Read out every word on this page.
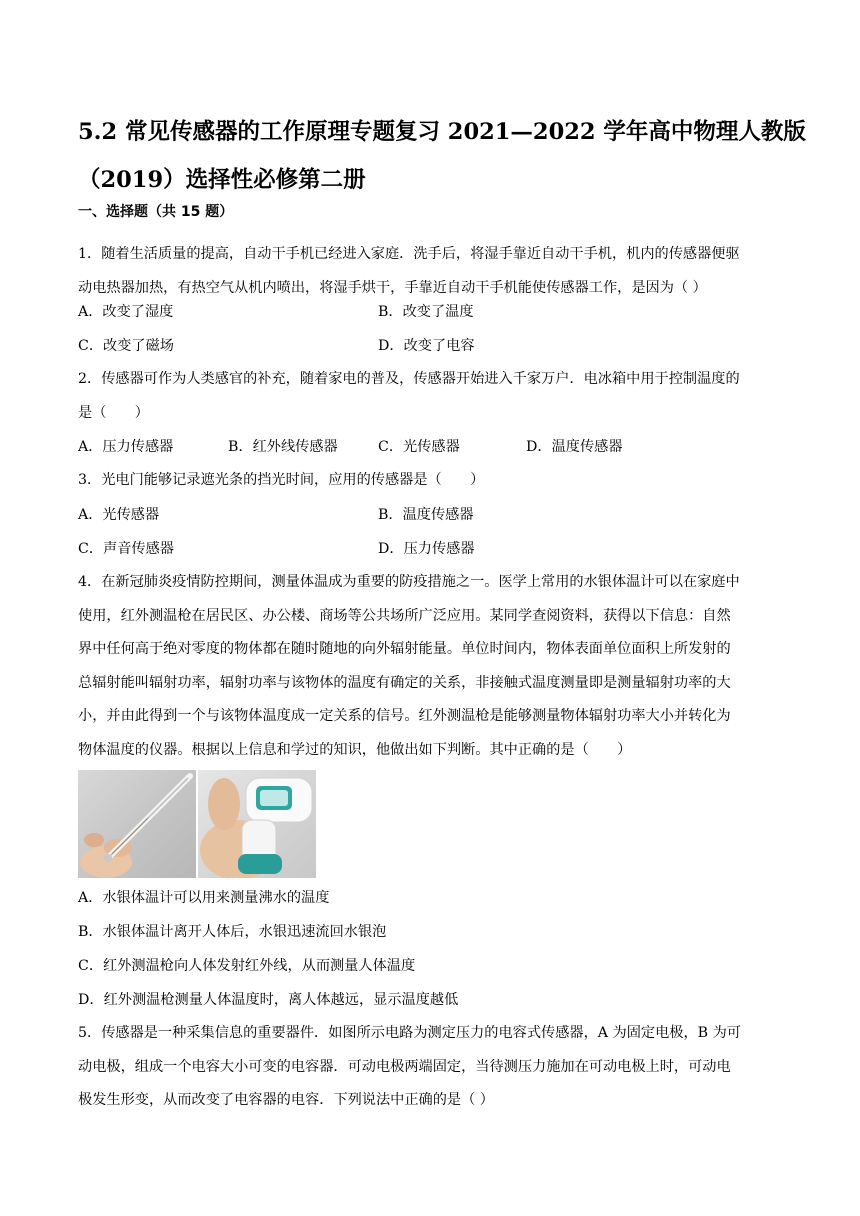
5.2 常见传感器的工作原理专题复习 2021—2022 学年高中物理人教版
（2019）选择性必修第二册
一、选择题（共 15 题）
1．随着生活质量的提高，自动干手机已经进入家庭．洗手后，将湿手靠近自动干手机，机内的传感器便驱
动电热器加热，有热空气从机内喷出，将湿手烘干，手靠近自动干手机能使传感器工作，是因为（ ）
A．改变了湿度	B．改变了温度
C．改变了磁场	D．改变了电容
2．传感器可作为人类感官的补充，随着家电的普及，传感器开始进入千家万户．电冰箱中用于控制温度的
是（　　）
A．压力传感器	B．红外线传感器	C．光传感器	D．温度传感器
3．光电门能够记录遮光条的挡光时间，应用的传感器是（　　）
A．光传感器	B．温度传感器
C．声音传感器	D．压力传感器
4．在新冠肺炎疫情防控期间，测量体温成为重要的防疫措施之一。医学上常用的水银体温计可以在家庭中
使用，红外测温枪在居民区、办公楼、商场等公共场所广泛应用。某同学查阅资料，获得以下信息：自然
界中任何高于绝对零度的物体都在随时随地的向外辐射能量。单位时间内，物体表面单位面积上所发射的
总辐射能叫辐射功率，辐射功率与该物体的温度有确定的关系，非接触式温度测量即是测量辐射功率的大
小，并由此得到一个与该物体温度成一定关系的信号。红外测温枪是能够测量物体辐射功率大小并转化为
物体温度的仪器。根据以上信息和学过的知识，他做出如下判断。其中正确的是（　　）
A．水银体温计可以用来测量沸水的温度
B．水银体温计离开人体后，水银迅速流回水银泡
C．红外测温枪向人体发射红外线，从而测量人体温度
D．红外测温枪测量人体温度时，离人体越远，显示温度越低
5．传感器是一种采集信息的重要器件．如图所示电路为测定压力的电容式传感器，A 为固定电极，B 为可
动电极，组成一个电容大小可变的电容器．可动电极两端固定，当待测压力施加在可动电极上时，可动电
极发生形变，从而改变了电容器的电容．下列说法中正确的是（ ）
